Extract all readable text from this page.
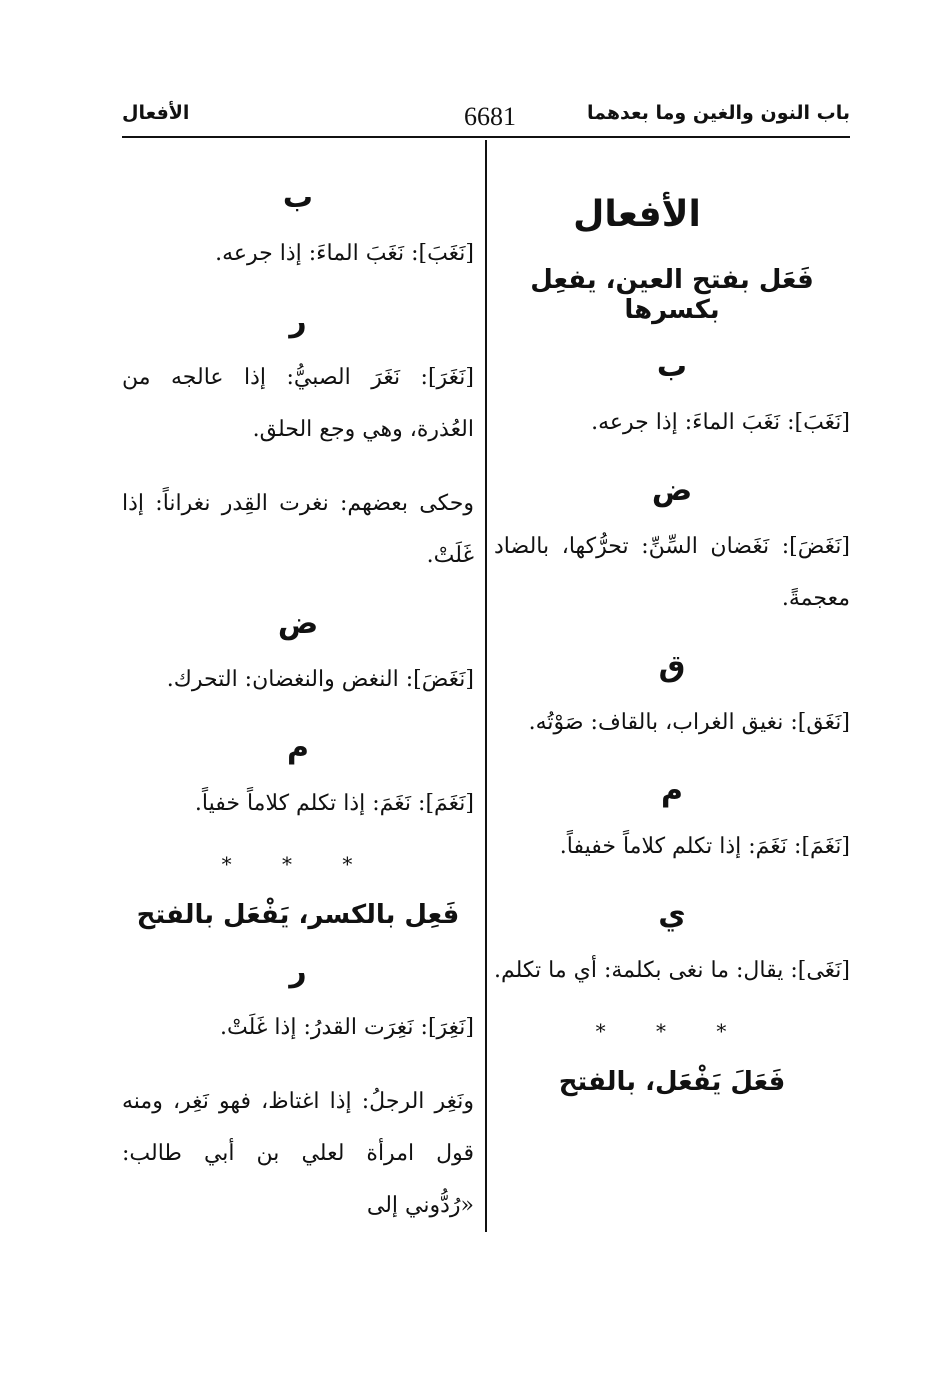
الأفعال	6681	باب النون والغين وما بعدهما
الأفعال
فَعَل بفتح العين، يفعِل بكسرها
ب
[نَغَبَ]: نَغَبَ الماءَ: إذا جرعه.
ض
[نَغَضَ]: نَغَضان السِّنِّ: تحرُّكها، بالضاد معجمةً.
ق
[نَغَق]: نغيق الغراب، بالقاف: صَوْتُه.
م
[نَغَمَ]: نَغَمَ: إذا تكلم كلاماً خفيفاً.
ي
[نَغَى]: يقال: ما نغى بكلمة: أي ما تكلم.
* * *
فَعَلَ يَفْعَل، بالفتح
ب
[نَغَبَ]: نَغَبَ الماءَ: إذا جرعه.
ر
[نَغَرَ]: نَغَرَ الصبيُّ: إذا عالجه من العُذرة، وهي وجع الحلق.
وحكى بعضهم: نغرت القِدر نغراناً: إذا غَلَتْ.
ض
[نَغَضَ]: النغض والنغضان: التحرك.
م
[نَغَمَ]: نَغَمَ: إذا تكلم كلاماً خفياً.
* * *
فَعِل بالكسر، يَفْعَل بالفتح
ر
[نَغِرَ]: نَغِرَت القدرُ: إذا غَلَتْ.
ونَغِر الرجلُ: إذا اغتاظ، فهو نَغِر، ومنه قول امرأة لعلي بن أبي طالب: «رُدُّوني إلى
